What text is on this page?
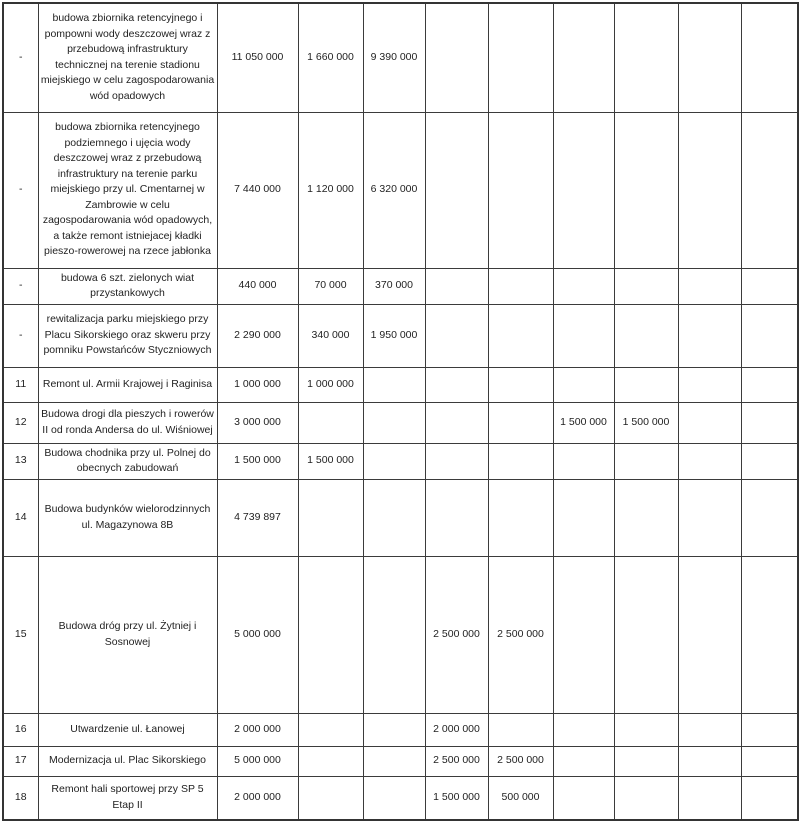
-	budowa zbiornika retencyjnego i pompowni wody deszczowej wraz z przebudową infrastruktury technicznej na terenie stadionu miejskiego w celu zagospodarowania wód opadowych	11 050 000	1 660 000	9 390 000						
-	budowa zbiornika retencyjnego podziemnego i ujęcia wody deszczowej wraz z przebudową infrastruktury na terenie parku miejskiego przy ul. Cmentarnej w Zambrowie w celu zagospodarowania wód opadowych, a także remont istniejacej kładki pieszo-rowerowej na rzece jabłonka	7 440 000	1 120 000	6 320 000						
-	budowa 6 szt. zielonych wiat przystankowych	440 000	70 000	370 000						
-	rewitalizacja parku miejskiego przy Placu Sikorskiego oraz skweru przy pomniku Powstańców Styczniowych	2 290 000	340 000	1 950 000						
11	Remont ul. Armii Krajowej i Raginisa	1 000 000	1 000 000							
12	Budowa drogi dla pieszych i rowerów II od ronda Andersa do ul. Wiśniowej	3 000 000					1 500 000	1 500 000		
13	Budowa chodnika przy ul. Polnej do obecnych zabudowań	1 500 000	1 500 000							
14	Budowa budynków wielorodzinnych ul. Magazynowa 8B	4 739 897								
15	Budowa dróg przy ul. Żytniej i Sosnowej	5 000 000			2 500 000	2 500 000				
16	Utwardzenie ul. Łanowej	2 000 000			2 000 000					
17	Modernizacja ul. Plac Sikorskiego	5 000 000			2 500 000	2 500 000				
18	Remont hali sportowej przy SP 5 Etap II	2 000 000			1 500 000	500 000				
